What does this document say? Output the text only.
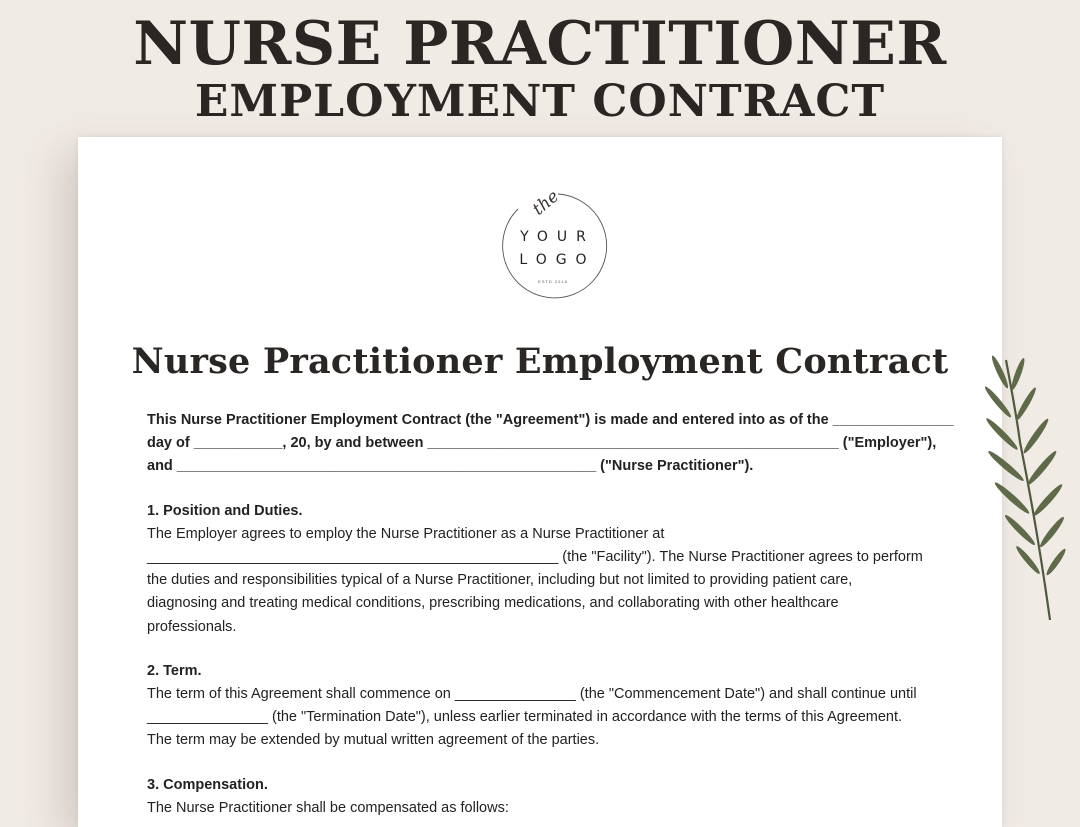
NURSE PRACTITIONER
EMPLOYMENT CONTRACT
the
YOUR
LOGO
ESTD 2018
Nurse Practitioner Employment Contract

This Nurse Practitioner Employment Contract (the "Agreement") is made and entered into as of the _______________

day of ___________, 20, by and between ___________________________________________________ ("Employer"),

and ____________________________________________________ ("Nurse Practitioner").

1. Position and Duties.

The Employer agrees to employ the Nurse Practitioner as a Nurse Practitioner at

___________________________________________________ (the "Facility"). The Nurse Practitioner agrees to perform

the duties and responsibilities typical of a Nurse Practitioner, including but not limited to providing patient care,

diagnosing and treating medical conditions, prescribing medications, and collaborating with other healthcare

professionals.

2. Term.

The term of this Agreement shall commence on _______________ (the "Commencement Date") and shall continue until

_______________ (the "Termination Date"), unless earlier terminated in accordance with the terms of this Agreement.

The term may be extended by mutual written agreement of the parties.

3. Compensation.

The Nurse Practitioner shall be compensated as follows:
